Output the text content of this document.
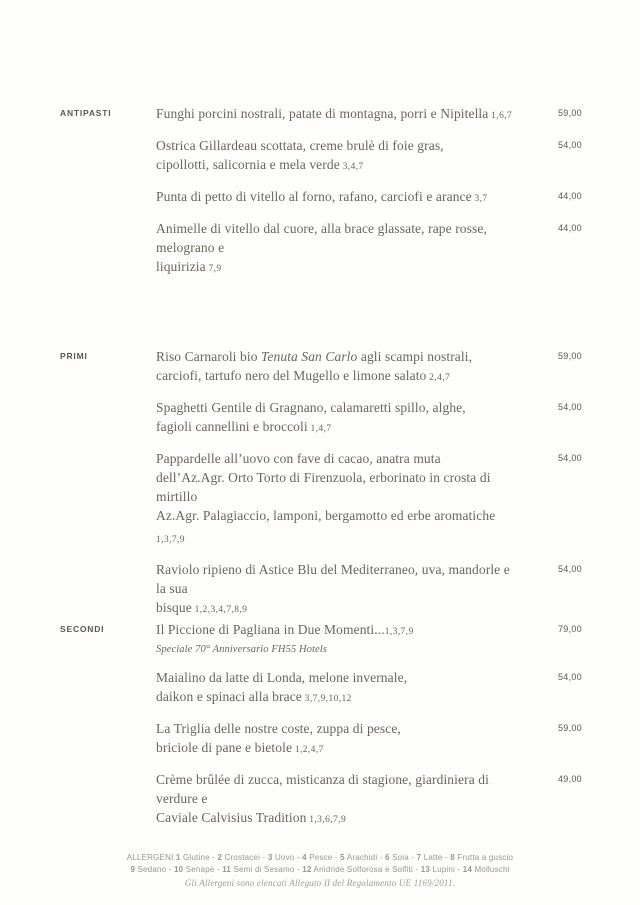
ANTIPASTI	Funghi porcini nostrali, patate di montagna, porri e Nipitella 1,6,7	59,00
Ostrica Gillardeau scottata, creme brulè di foie gras,
cipollotti, salicornia e mela verde 3,4,7
54,00
Punta di petto di vitello al forno, rafano, carciofi e arance 3,7	44,00
Animelle di vitello dal cuore, alla brace glassate, rape rosse, melograno e
liquirizia 7,9
44,00
PRIMI	Riso Carnaroli bio Tenuta San Carlo agli scampi nostrali,
carciofi, tartufo nero del Mugello e limone salato 2,4,7
59,00
Spaghetti Gentile di Gragnano, calamaretti spillo, alghe,
fagioli cannellini e broccoli 1,4,7
54,00
Pappardelle all’uovo con fave di cacao, anatra muta
dell’Az.Agr. Orto Torto di Firenzuola, erborinato in crosta di mirtillo
Az.Agr. Palagiaccio, lamponi, bergamotto ed erbe aromatiche 1,3,7,9
54,00
Raviolo ripieno di Astice Blu del Mediterraneo, uva, mandorle e la sua
bisque 1,2,3,4,7,8,9
54,00
SECONDI	Il Piccione di Pagliana in Due Momenti...1,3,7,9
Speciale 70° Anniversario FH55 Hotels
79,00
Maialino da latte di Londa, melone invernale,
daikon e spinaci alla brace 3,7,9,10,12
54,00
La Triglia delle nostre coste, zuppa di pesce,
briciole di pane e bietole 1,2,4,7
59,00
Crème brûlée di zucca, misticanza di stagione, giardiniera di verdure e
Caviale Calvisius Tradition 1,3,6,7,9
49,00
ALLERGENI 1 Glutine - 2 Crostacei - 3 Uovo - 4 Pesce - 5 Arachidi - 6 Soia - 7 Latte - 8 Frutta a guscio
9 Sedano - 10 Senape - 11 Semi di Sesamo - 12 Anidride Solforosa e Solfiti - 13 Lupini - 14 Molluschi
Gli Allergeni sono elencati Allegato II del Regolamento UE 1169/2011.
